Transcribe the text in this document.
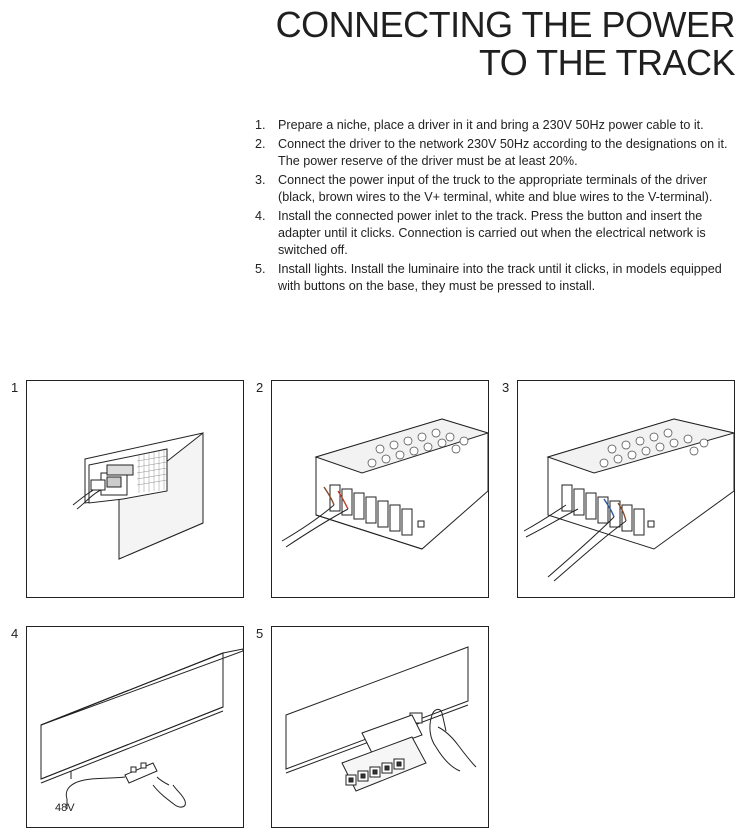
CONNECTING THE POWER
TO THE TRACK
1. Prepare a niche, place a driver in it and bring a 230V 50Hz power cable to it.
2. Connect the driver to the network 230V 50Hz according to the designations on it. The power reserve of the driver must be at least 20%.
3. Connect the power input of the truck to the appropriate terminals of the driver (black, brown wires to the V+ terminal, white and blue wires to the V-terminal).
4. Install the connected power inlet to the track. Press the button and insert the adapter until it clicks. Connection is carried out when the electrical network is switched off.
5. Install lights. Install the luminaire into the track until it clicks, in models equipped with buttons on the base, they must be pressed to install.
1	2	3
4	5
48V
